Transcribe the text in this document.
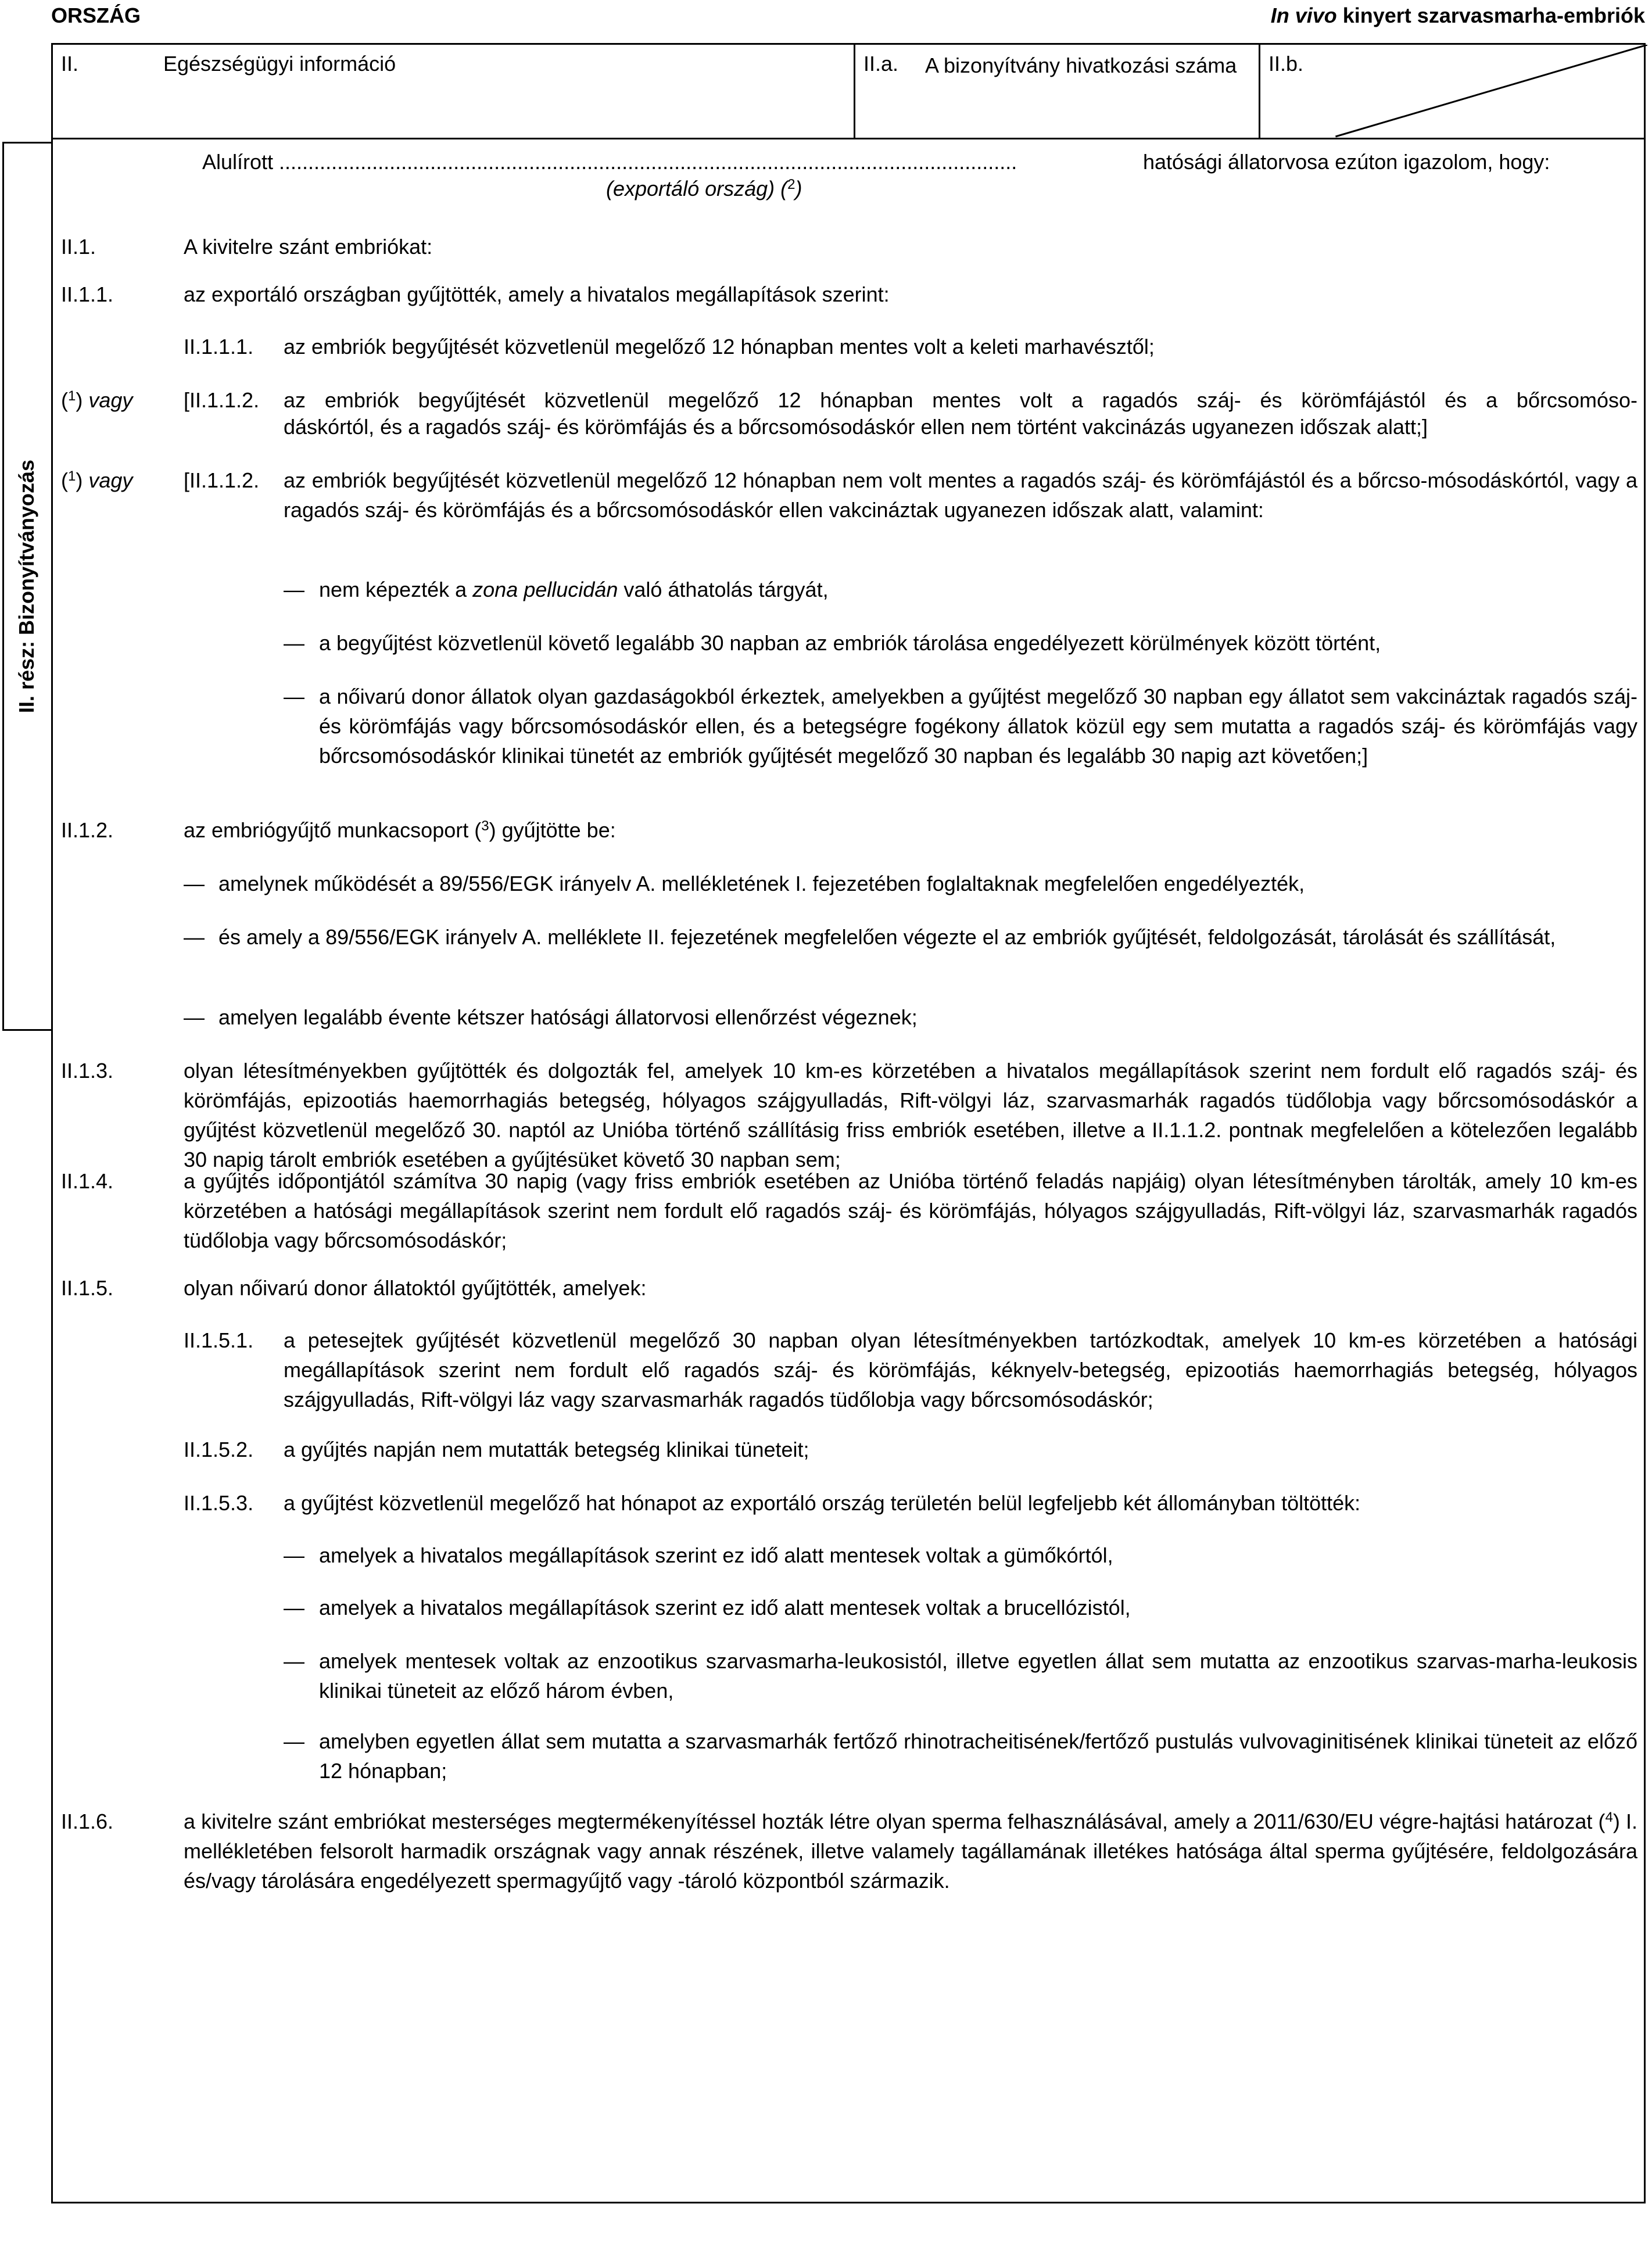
ORSZÁG	In vivo kinyert szarvasmarha-embriók
II. rész: Bizonyítványozás
II.	Egészségügyi információ	II.a. A bizonyítvány hivatkozási száma II.b.
Alulírott ...............................................................................................................................	hatósági állatorvosa ezúton igazolom, hogy:
(exportáló ország) ($^2$)
II.1.	A kivitelre szánt embriókat:
II.1.1.	az exportáló országban gyűjtötték, amely a hivatalos megállapítások szerint:
II.1.1.1. az embriók begyűjtését közvetlenül megelőző 12 hónapban mentes volt a keleti marhavésztől;
($^1$) vagy [II.1.1.2. az embriók begyűjtését közvetlenül megelőző 12 hónapban mentes volt a ragadós száj- és körömfájástól és a bőrcsomóso-
dáskórtól, és a ragadós száj- és körömfájás és a bőrcsomósodáskór ellen nem történt vakcinázás ugyanezen időszak alatt;]
($^1$) vagy [II.1.1.2. az embriók begyűjtését közvetlenül megelőző 12 hónapban nem volt mentes a ragadós száj- és körömfájástól és a bőrcso-mósodáskórtól, vagy a ragadós száj- és körömfájás és a bőrcsomósodáskór ellen vakcináztak ugyanezen időszak alatt, valamint:
— nem képezték a zona pellucidán való áthatolás tárgyát,
— a begyűjtést közvetlenül követő legalább 30 napban az embriók tárolása engedélyezett körülmények között történt,
— a nőivarú donor állatok olyan gazdaságokból érkeztek, amelyekben a gyűjtést megelőző 30 napban egy állatot sem vakcináztak ragadós száj- és körömfájás vagy bőrcsomósodáskór ellen, és a betegségre fogékony állatok közül egy sem mutatta a ragadós száj- és körömfájás vagy bőrcsomósodáskór klinikai tünetét az embriók gyűjtését megelőző 30 napban és legalább 30 napig azt követően;]
II.1.2.	az embriógyűjtő munkacsoport ($^3$) gyűjtötte be:
— amelynek működését a 89/556/EGK irányelv A. mellékletének I. fejezetében foglaltaknak megfelelően engedélyezték,
— és amely a 89/556/EGK irányelv A. melléklete II. fejezetének megfelelően végezte el az embriók gyűjtését, feldolgozását, tárolását és szállítását,
— amelyen legalább évente kétszer hatósági állatorvosi ellenőrzést végeznek;
II.1.3.	olyan létesítményekben gyűjtötték és dolgozták fel, amelyek 10 km-es körzetében a hivatalos megállapítások szerint nem fordult elő ragadós száj- és körömfájás, epizootiás haemorrhagiás betegség, hólyagos szájgyulladás, Rift-völgyi láz, szarvasmarhák ragadós tüdőlobja vagy bőrcsomósodáskór a gyűjtést közvetlenül megelőző 30. naptól az Unióba történő szállításig friss embriók esetében, illetve a II.1.1.2. pontnak megfelelően a kötelezően legalább 30 napig tárolt embriók esetében a gyűjtésüket követő 30 napban sem;
II.1.4.	a gyűjtés időpontjától számítva 30 napig (vagy friss embriók esetében az Unióba történő feladás napjáig) olyan létesítményben tárolták, amely 10 km-es körzetében a hatósági megállapítások szerint nem fordult elő ragadós száj- és körömfájás, hólyagos szájgyulladás, Rift-völgyi láz, szarvasmarhák ragadós tüdőlobja vagy bőrcsomósodáskór;
II.1.5.	olyan nőivarú donor állatoktól gyűjtötték, amelyek:
II.1.5.1. a petesejtek gyűjtését közvetlenül megelőző 30 napban olyan létesítményekben tartózkodtak, amelyek 10 km-es körzetében a hatósági megállapítások szerint nem fordult elő ragadós száj- és körömfájás, kéknyelv-betegség, epizootiás haemorrhagiás betegség, hólyagos szájgyulladás, Rift-völgyi láz vagy szarvasmarhák ragadós tüdőlobja vagy bőrcsomósodáskór;
II.1.5.2. a gyűjtés napján nem mutatták betegség klinikai tüneteit;
II.1.5.3. a gyűjtést közvetlenül megelőző hat hónapot az exportáló ország területén belül legfeljebb két állományban töltötték:
— amelyek a hivatalos megállapítások szerint ez idő alatt mentesek voltak a gümőkórtól,
— amelyek a hivatalos megállapítások szerint ez idő alatt mentesek voltak a brucellózistól,
— amelyek mentesek voltak az enzootikus szarvasmarha-leukosistól, illetve egyetlen állat sem mutatta az enzootikus szarvas-marha-leukosis klinikai tüneteit az előző három évben,
— amelyben egyetlen állat sem mutatta a szarvasmarhák fertőző rhinotracheitisének/fertőző pustulás vulvovaginitisének klinikai tüneteit az előző 12 hónapban;
II.1.6.	a kivitelre szánt embriókat mesterséges megtermékenyítéssel hozták létre olyan sperma felhasználásával, amely a 2011/630/EU végre-hajtási határozat ($^4$) I. mellékletében felsorolt harmadik országnak vagy annak részének, illetve valamely tagállamának illetékes hatósága által sperma gyűjtésére, feldolgozására és/vagy tárolására engedélyezett spermagyűjtő vagy -tároló központból származik.
